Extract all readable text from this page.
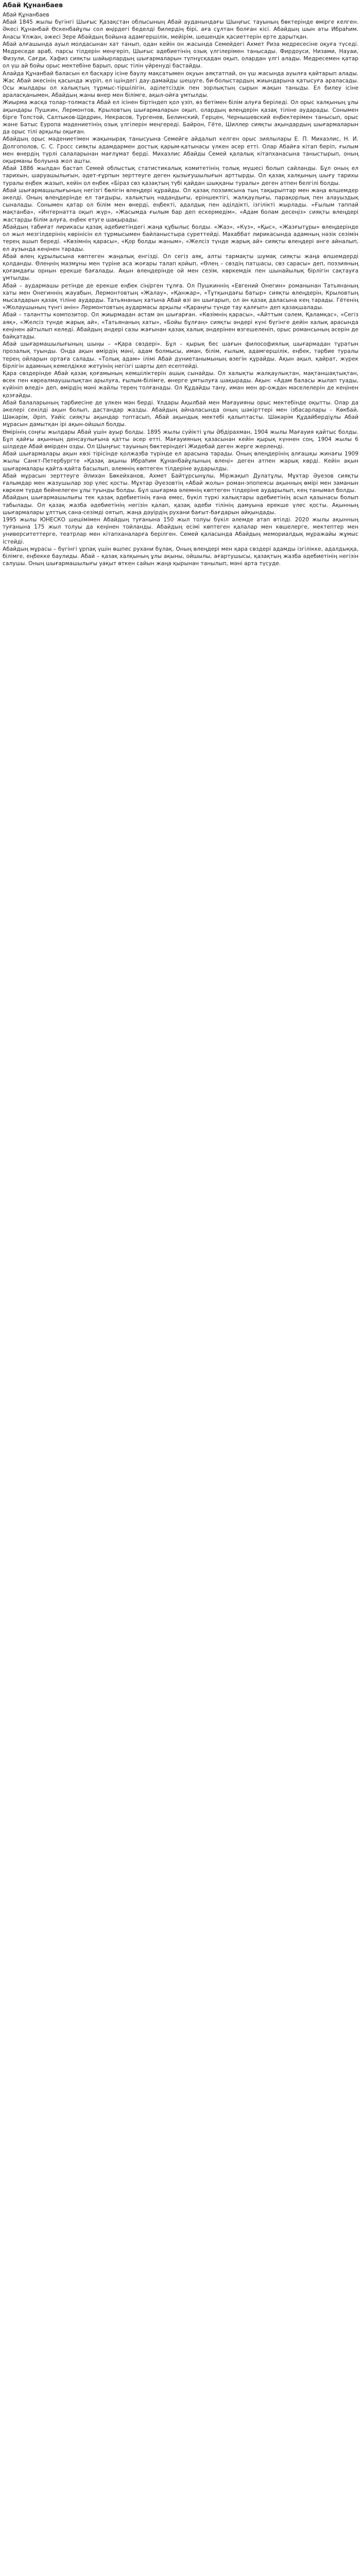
Абай Құнанбаев

Абай Құнанбаев

Абай 1845 жылы бүгінгі Шығыс Қазақстан облысының Абай ауданындағы Шыңғыс тауының бөктерінде өмірге келген. Әкесі Құнанбай Өскенбайұлы сол өңірдегі беделді билердің бірі, аға сұлтан болған кісі. Абайдың шын аты Ибраһим. Анасы Ұлжан, әжесі Зере Абайдың бойына адамгершілік, мейірім, шешендік қасиеттерін ерте дарытқан.

Абай алғашында ауыл молдасынан хат танып, одан кейін он жасында Семейдегі Ахмет Риза медресесіне оқуға түседі. Медреседе араб, парсы тілдерін меңгеріп, Шығыс әдебиетінің озық үлгілерімен танысады. Фирдоуси, Низами, Науаи, Физули, Сағди, Хафиз сияқты шайырлардың шығармаларын түпнұсқадан оқып, олардан үлгі алады. Медресемен қатар ол үш ай бойы орыс мектебіне барып, орыс тілін үйренуді бастайды.

Алайда Құнанбай баласын ел басқару ісіне баулу мақсатымен оқуын аяқтатпай, он үш жасында ауылға қайтарып алады. Жас Абай әкесінің қасында жүріп, ел ішіндегі дау-дамайды шешуге, би-болыстардың жиындарына қатысуға араласады. Осы жылдары ол халықтың тұрмыс-тіршілігін, әділетсіздік пен зорлықтың сырын жақын таныды. Ел билеу ісіне араласқанымен, Абайдың жаны өнер мен білімге, ақыл-ойға ұмтылды.

Жиырма жасқа толар-толмаста Абай ел ісінен біртіндеп қол үзіп, өз бетімен білім алуға беріледі. Ол орыс халқының ұлы ақындары Пушкин, Лермонтов, Крыловтың шығармаларын оқып, олардың өлеңдерін қазақ тіліне аударады. Сонымен бірге Толстой, Салтыков-Щедрин, Некрасов, Тургенев, Белинский, Герцен, Чернышевский еңбектерімен танысып, орыс және Батыс Еуропа мәдениетінің озық үлгілерін меңгереді. Байрон, Гёте, Шиллер сияқты ақындардың шығармаларын да орыс тілі арқылы оқыған.

Абайдың орыс мәдениетімен жақынырақ танысуына Семейге айдалып келген орыс зиялылары Е. П. Михаэлис, Н. И. Долгополов, С. С. Гросс сияқты адамдармен достық қарым-қатынасы үлкен әсер етті. Олар Абайға кітап беріп, ғылым мен өнердің түрлі салаларынан мағлұмат берді. Михаэлис Абайды Семей қалалық кітапханасына таныстырып, оның оқырманы болуына жол ашты.

Абай 1886 жылдан бастап Семей облыстық статистикалық комитетінің толық мүшесі болып сайланды. Бұл оның ел тарихын, шаруашылығын, әдет-ғұрпын зерттеуге деген қызығушылығын арттырды. Ол қазақ халқының шығу тарихы туралы еңбек жазып, кейін ол еңбек «Біраз сөз қазақтың түбі қайдан шыққаны туралы» деген атпен белгілі болды.

Абай шығармашылығының негізгі бөлігін өлеңдері құрайды. Ол қазақ поэзиясына тың тақырыптар мен жаңа өлшемдер әкелді. Оның өлеңдерінде ел тағдыры, халықтың надандығы, еріншектігі, жалқаулығы, парақорлық пен алауыздық сыналады. Сонымен қатар ол білім мен өнерді, еңбекті, адалдық пен әділдікті, ізгілікті жырлады. «Ғылым таппай мақтанба», «Интернатта оқып жүр», «Жасымда ғылым бар деп ескермедім», «Адам болам десеңіз» сияқты өлеңдері жастарды білім алуға, еңбек етуге шақырады.

Абайдың табиғат лирикасы қазақ әдебиетіндегі жаңа құбылыс болды. «Жаз», «Күз», «Қыс», «Жазғытұры» өлеңдерінде ол жыл мезгілдерінің көрінісін ел тұрмысымен байланыстыра суреттейді. Махаббат лирикасында адамның нәзік сезімін терең ашып береді. «Көзімнің қарасы», «Қор болды жаным», «Желсіз түнде жарық ай» сияқты өлеңдері әнге айналып, ел аузында кеңінен тарады.

Абай өлең құрылысына көптеген жаңалық енгізді. Ол сегіз аяқ, алты тармақты шумақ сияқты жаңа өлшемдерді қолданды. Өлеңнің мазмұны мен түріне аса жоғары талап қойып, «Өлең – сөздің патшасы, сөз сарасы» деп, поэзияның қоғамдағы орнын ерекше бағалады. Ақын өлеңдерінде ой мен сезім, көркемдік пен шынайылық бірлігін сақтауға ұмтылды.

Абай – аудармашы ретінде де ерекше еңбек сіңірген тұлға. Ол Пушкиннің «Евгений Онегин» романынан Татьянаның хаты мен Онегиннің жауабын, Лермонтовтың «Жалау», «Қанжар», «Тұтқындағы батыр» сияқты өлеңдерін, Крыловтың мысалдарын қазақ тіліне аударды. Татьянаның хатына Абай өзі ән шығарып, ол ән қазақ даласына кең тарады. Гётенің «Жолаушының түнгі әнін» Лермонтовтың аудармасы арқылы «Қараңғы түнде тау қалғып» деп қазақшалады.

Абай – талантты композитор. Ол жиырмадан астам ән шығарған. «Көзімнің қарасы», «Айттым сәлем, Қаламқас», «Сегіз аяқ», «Желсіз түнде жарық ай», «Татьянаның хаты», «Бойы бұлғаң» сияқты әндері күні бүгінге дейін халық арасында кеңінен айтылып келеді. Абайдың әндері сазы жағынан қазақ халық әндерінен өзгешеленіп, орыс романсының әсерін де байқатады.

Абай шығармашылығының шыңы – «Қара сөздері». Бұл – қырық бес шағын философиялық шығармадан тұратын прозалық туынды. Онда ақын өмірдің мәні, адам болмысы, иман, білім, ғылым, адамгершілік, еңбек, тәрбие туралы терең ойларын ортаға салады. «Толық адам» ілімі Абай дүниетанымының өзегін құрайды. Ақын ақыл, қайрат, жүрек бірлігін адамның кемелдікке жетуінің негізгі шарты деп есептейді.

Қара сөздерінде Абай қазақ қоғамының кемшіліктерін ашық сынайды. Ол халықты жалқаулықтан, мақтаншақтықтан, өсек пен көреалмаушылықтан арылуға, ғылым-білімге, өнерге ұмтылуға шақырады. Ақын: «Адам баласы жылап туады, күйініп өледі» деп, өмірдің мәні жайлы терең толғанады. Ол Құдайды тану, иман мен ар-ождан мәселелерін де кеңінен қозғайды.

Абай балаларының тәрбиесіне де үлкен мән берді. Ұлдары Ақылбай мен Мағауияны орыс мектебінде оқытты. Олар да әкелері секілді ақын болып, дастандар жазды. Абайдың айналасында оның шәкірттері мен ізбасарлары – Көкбай, Шәкәрім, Әріп, Уәйіс сияқты ақындар топтасып, Абай ақындық мектебі қалыптасты. Шәкәрім Құдайбердіұлы Абай мұрасын дамытқан ірі ақын-ойшыл болды.

Өмірінің соңғы жылдары Абай үшін ауыр болды. 1895 жылы сүйікті ұлы Әбдірахман, 1904 жылы Мағауия қайтыс болды. Бұл қайғы ақынның денсаулығына қатты әсер етті. Мағауияның қазасынан кейін қырық күннен соң, 1904 жылы 6 шілдеде Абай өмірден озды. Ол Шыңғыс тауының бөктеріндегі Жидебай деген жерге жерленді.

Абай шығармалары ақын көзі тірісінде қолжазба түрінде ел арасына тарады. Оның өлеңдерінің алғашқы жинағы 1909 жылы Санкт-Петербургте «Қазақ ақыны Ибраһим Құнанбайұлының өлеңі» деген атпен жарық көрді. Кейін ақын шығармалары қайта-қайта басылып, әлемнің көптеген тілдеріне аударылды.

Абай мұрасын зерттеуге Әлихан Бөкейханов, Ахмет Байтұрсынұлы, Міржақып Дулатұлы, Мұхтар Әуезов сияқты ғалымдар мен жазушылар зор үлес қосты. Мұхтар Әуезовтің «Абай жолы» роман-эпопеясы ақынның өмірі мен заманын көркем түрде бейнелеген ұлы туынды болды. Бұл шығарма әлемнің көптеген тілдеріне аударылып, кең танымал болды.

Абайдың шығармашылығы тек қазақ әдебиетінің ғана емес, бүкіл түркі халықтары әдебиетінің асыл қазынасы болып табылады. Ол қазақ жазба әдебиетінің негізін қалап, қазақ әдеби тілінің дамуына ерекше үлес қосты. Ақынның шығармалары ұлттық сана-сезімді оятып, жаңа дәуірдің рухани бағыт-бағдарын айқындады.

1995 жылы ЮНЕСКО шешімімен Абайдың туғанына 150 жыл толуы бүкіл әлемде атап өтілді. 2020 жылы ақынның туғанына 175 жыл толуы да кеңінен тойланды. Абайдың есімі көптеген қалалар мен көшелерге, мектептер мен университеттерге, театрлар мен кітапханаларға берілген. Семей қаласында Абайдың мемориалдық мұражайы жұмыс істейді.

Абайдың мұрасы – бүгінгі ұрпақ үшін өшпес рухани бұлақ. Оның өлеңдері мен қара сөздері адамды ізгілікке, адалдыққа, білімге, еңбекке баулиды. Абай – қазақ халқының ұлы ақыны, ойшылы, ағартушысы, қазақтың жазба әдебиетінің негізін салушы. Оның шығармашылығы уақыт өткен сайын жаңа қырынан танылып, мәні арта түсуде.
